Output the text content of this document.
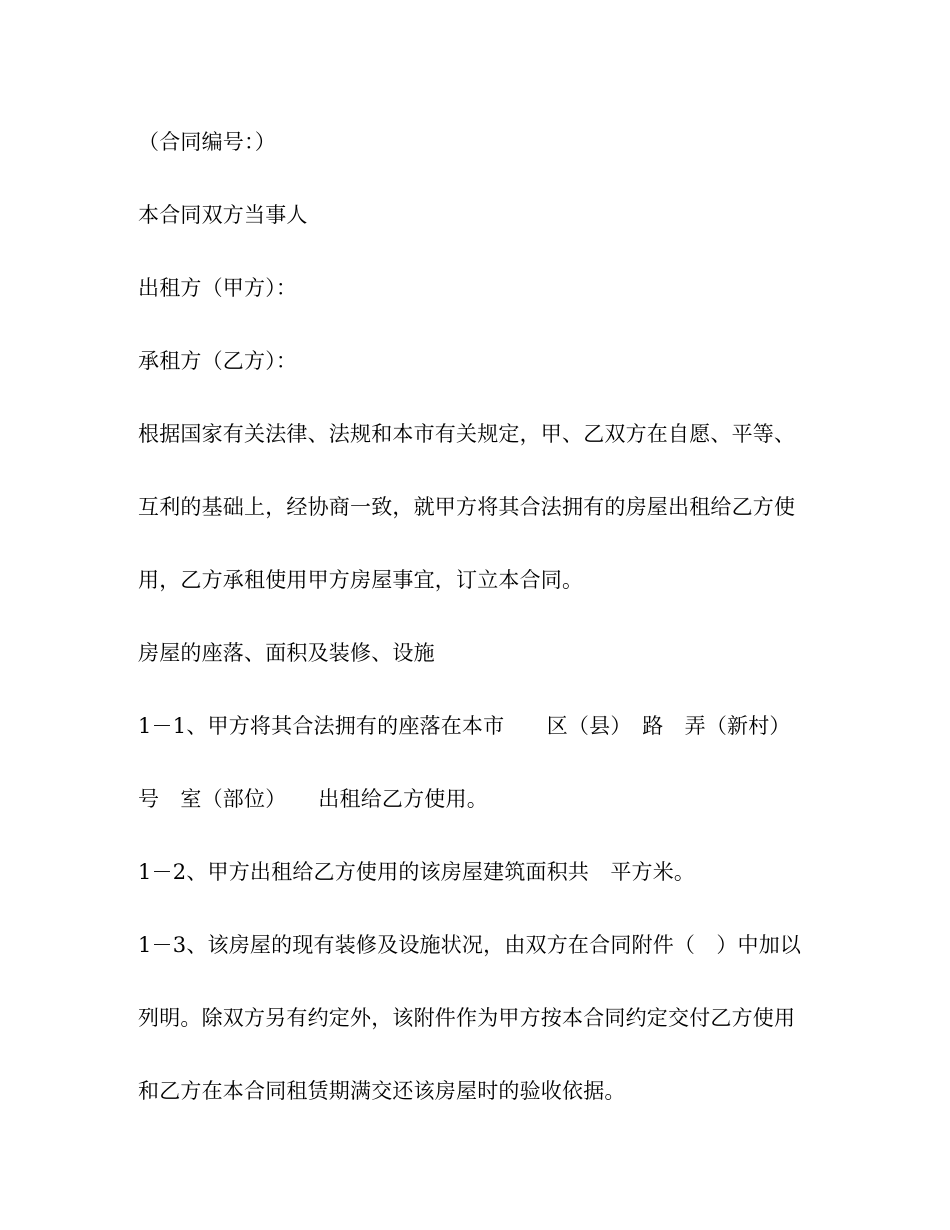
（合同编号：）
本合同双方当事人
出租方（甲方）：
承租方（乙方）：
根据国家有关法律、法规和本市有关规定，甲、乙双方在自愿、平等、
互利的基础上，经协商一致，就甲方将其合法拥有的房屋出租给乙方使
用，乙方承租使用甲方房屋事宜，订立本合同。
房屋的座落、面积及装修、设施
1－1、甲方将其合法拥有的座落在本市　　区（县）　路　弄（新村）
号　室（部位）　　出租给乙方使用。
1－2、甲方出租给乙方使用的该房屋建筑面积共　平方米。
1－3、该房屋的现有装修及设施状况，由双方在合同附件（　）中加以
列明。除双方另有约定外，该附件作为甲方按本合同约定交付乙方使用
和乙方在本合同租赁期满交还该房屋时的验收依据。
